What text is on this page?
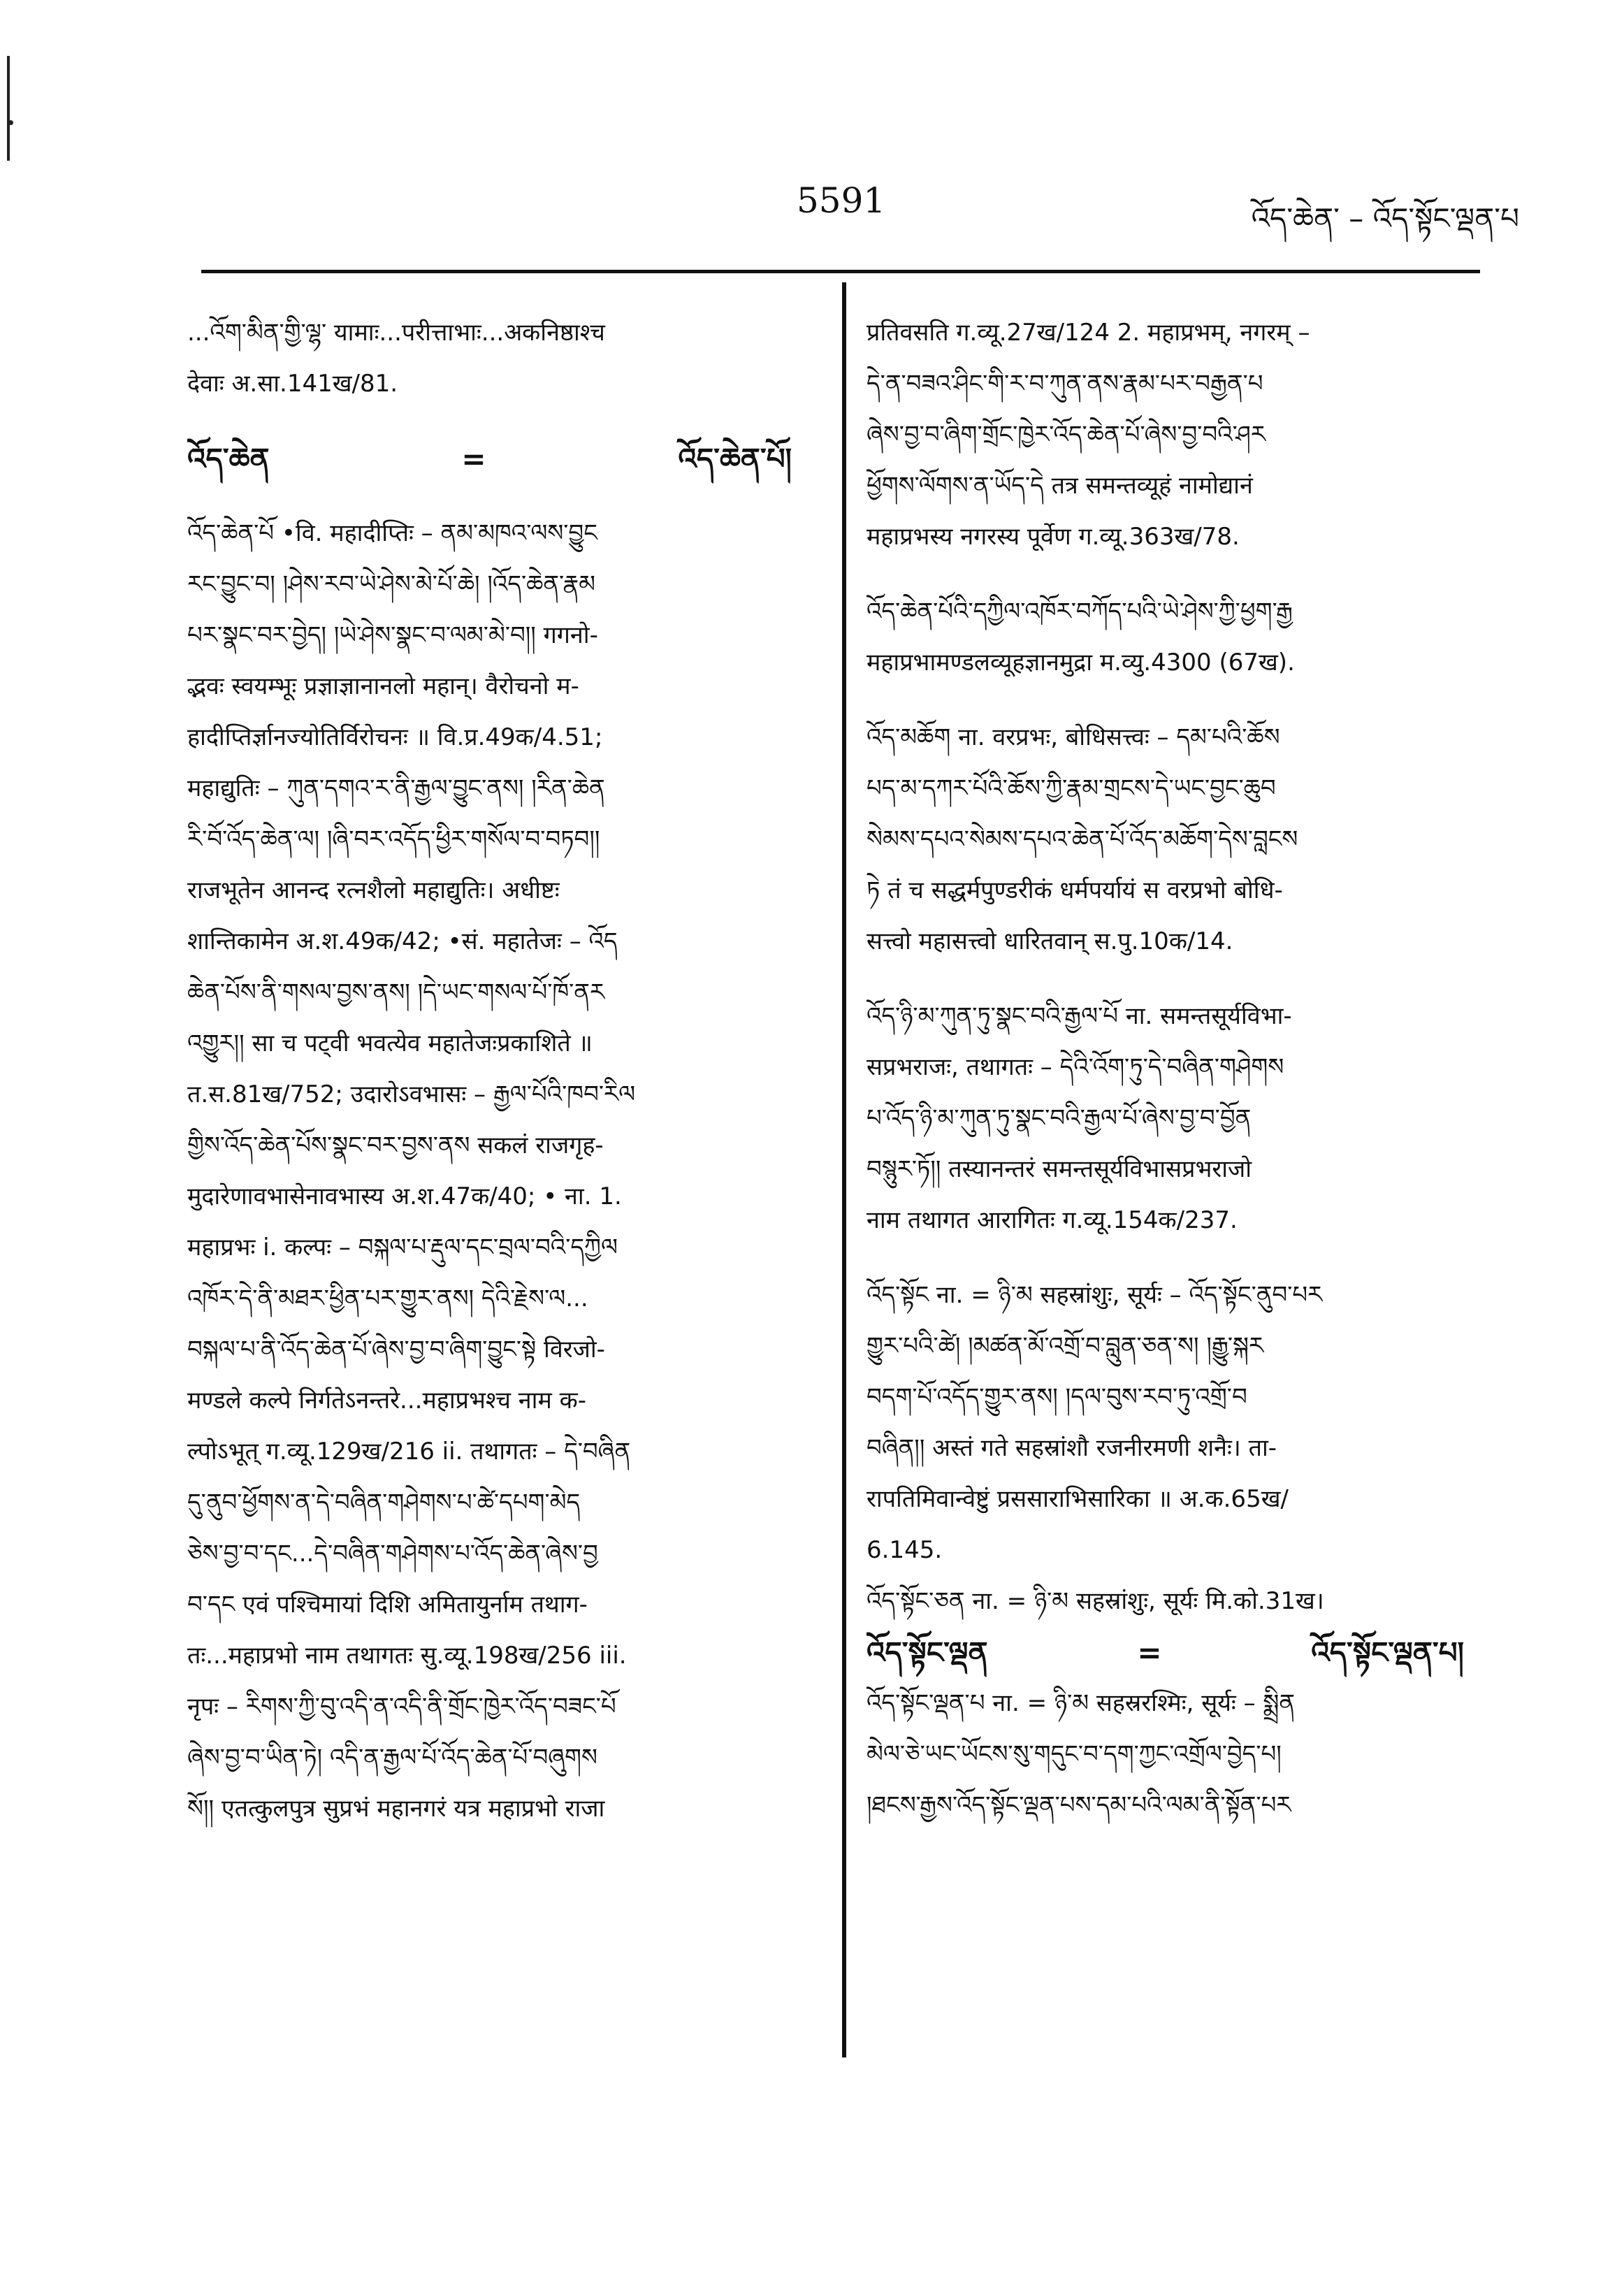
5591	འོད་ཆེན་ – འོད་སྟོང་ལྡན་པ
...འོག་མིན་གྱི་ལྷ་ यामाः...परीत्ताभाः...अकनिष्ठाश्च
देवाः अ.सा.141ख/81.
འོད་ཆེན	=	འོད་ཆེན་པོ།
འོད་ཆེན་པོ •वि. महादीप्तिः – ནམ་མཁའ་ལས་བྱུང
རང་བྱུང་བ། །ཤེས་རབ་ཡེ་ཤེས་མེ་པོ་ཆེ། །འོད་ཆེན་རྣམ
པར་སྣང་བར་བྱེད། །ཡེ་ཤེས་སྣང་བ་ལམ་མེ་བ།། गगनो-
द्भवः स्वयम्भूः प्रज्ञाज्ञानानलो महान्। वैरोचनो म-
हादीप्तिर्ज्ञानज्योतिर्विरोचनः ॥ वि.प्र.49क/4.51;
महाद्युतिः – ཀུན་དགའ་ར་ནི་རྒྱལ་བྱུང་ནས། །རིན་ཆེན
རི་བོ་འོད་ཆེན་ལ། །ཞི་བར་འདོད་ཕྱིར་གསོལ་བ་བཏབ།།
राजभूतेन आनन्द रत्नशैलो महाद्युतिः। अधीष्टः
शान्तिकामेन अ.श.49क/42; •सं. महातेजः – འོད
ཆེན་པོས་ནི་གསལ་བྱས་ནས། །དེ་ཡང་གསལ་པོ་ཁོ་ནར
འགྱུར།། सा च पट्वी भवत्येव महातेजःप्रकाशिते ॥
त.स.81ख/752; उदारोऽवभासः – རྒྱལ་པོའི་ཁབ་རིལ
གྱིས་འོད་ཆེན་པོས་སྣང་བར་བྱས་ནས सकलं राजगृह-
मुदारेणावभासेनावभास्य अ.श.47क/40; • ना. 1.
महाप्रभः i. कल्पः – བསྐལ་པ་རྡུལ་དང་བྲལ་བའི་དཀྱིལ
འཁོར་དེ་ནི་མཐར་ཕྱིན་པར་གྱུར་ནས། དེའི་རྗེས་ལ...
བསྐལ་པ་ནི་འོད་ཆེན་པོ་ཞེས་བྱ་བ་ཞིག་བྱུང་སྟེ विरजो-
मण्डले कल्पे निर्गतेऽनन्तरे...महाप्रभश्च नाम क-
ल्पोऽभूत् ग.व्यू.129ख/216 ii. तथागतः – དེ་བཞིན
དུ་ནུབ་ཕྱོགས་ན་དེ་བཞིན་གཤེགས་པ་ཚེ་དཔག་མེད
ཅེས་བྱ་བ་དང...དེ་བཞིན་གཤེགས་པ་འོད་ཆེན་ཞེས་བྱ
བ་དང एवं पश्चिमायां दिशि अमितायुर्नाम तथाग-
तः...महाप्रभो नाम तथागतः सु.व्यू.198ख/256 iii.
नृपः – རིགས་ཀྱི་བུ་འདི་ན་འདི་ནི་གྲོང་ཁྱེར་འོད་བཟང་པོ
ཞེས་བྱ་བ་ཡིན་ཏེ། འདི་ན་རྒྱལ་པོ་འོད་ཆེན་པོ་བཞུགས
སོ།། एतत्कुलपुत्र सुप्रभं महानगरं यत्र महाप्रभो राजा
प्रतिवसति ग.व्यू.27ख/124 2. महाप्रभम्, नगरम् –
དེ་ན་བཟའ་ཤིང་གི་ར་བ་ཀུན་ནས་རྣམ་པར་བརྒྱན་པ
ཞེས་བྱ་བ་ཞིག་གྲོང་ཁྱེར་འོད་ཆེན་པོ་ཞེས་བྱ་བའི་ཤར
ཕྱོགས་ལོགས་ན་ཡོད་དེ तत्र समन्तव्यूहं नामोद्यानं
महाप्रभस्य नगरस्य पूर्वेण ग.व्यू.363ख/78.
འོད་ཆེན་པོའི་དཀྱིལ་འཁོར་བཀོད་པའི་ཡེ་ཤེས་ཀྱི་ཕྱག་རྒྱ
महाप्रभामण्डलव्यूहज्ञानमुद्रा म.व्यु.4300 (67ख).
འོད་མཆོག ना. वरप्रभः, बोधिसत्त्वः – དམ་པའི་ཆོས
པད་མ་དཀར་པོའི་ཆོས་ཀྱི་རྣམ་གྲངས་དེ་ཡང་བྱང་ཆུབ
སེམས་དཔའ་སེམས་དཔའ་ཆེན་པོ་འོད་མཆོག་དེས་བླངས
ཏེ तं च सद्धर्मपुण्डरीकं धर्मपर्यायं स वरप्रभो बोधि-
सत्त्वो महासत्त्वो धारितवान् स.पु.10क/14.
འོད་ཉི་མ་ཀུན་ཏུ་སྣང་བའི་རྒྱལ་པོ ना. समन्तसूर्यविभा-
सप्रभराजः, तथागतः – དེའི་འོག་ཏུ་དེ་བཞིན་གཤེགས
པ་འོད་ཉི་མ་ཀུན་ཏུ་སྣང་བའི་རྒྱལ་པོ་ཞེས་བྱ་བ་བྱོན
བསྙུར་ཏོ།། तस्यानन्तरं समन्तसूर्यविभासप्रभराजो
नाम तथागत आरागितः ग.व्यू.154क/237.
འོད་སྟོང ना. = ཉི་མ सहस्रांशुः, सूर्यः – འོད་སྟོང་ནུབ་པར
གྱུར་པའི་ཚེ། །མཚན་མོ་འགྲོ་བ་བླུན་ཅན་ས། །རྒྱུ་སྐར
བདག་པོ་འདོད་གྱུར་ནས། །དལ་བུས་རབ་ཏུ་འགྲོ་བ
བཞིན།། अस्तं गते सहस्रांशौ रजनीरमणी शनैः। ता-
रापतिमिवान्वेष्टुं प्रससाराभिसारिका ॥ अ.क.65ख/
6.145.
འོད་སྟོང་ཅན ना. = ཉི་མ सहस्रांशुः, सूर्यः मि.को.31ख।
འོད་སྟོང་ལྡན	=	འོད་སྟོང་ལྡན་པ།
འོད་སྟོང་ལྡན་པ ना. = ཉི་མ सहस्ररश्मिः, सूर्यः – སྨྲིན
མེལ་ཅེ་ཡང་ཡོངས་སུ་གདུང་བ་དག་ཀྱང་འགྲོལ་བྱེད་པ།
།ཐངས་རྒྱས་འོད་སྟོང་ལྡན་པས་དམ་པའི་ལམ་ནི་སྟོན་པར
